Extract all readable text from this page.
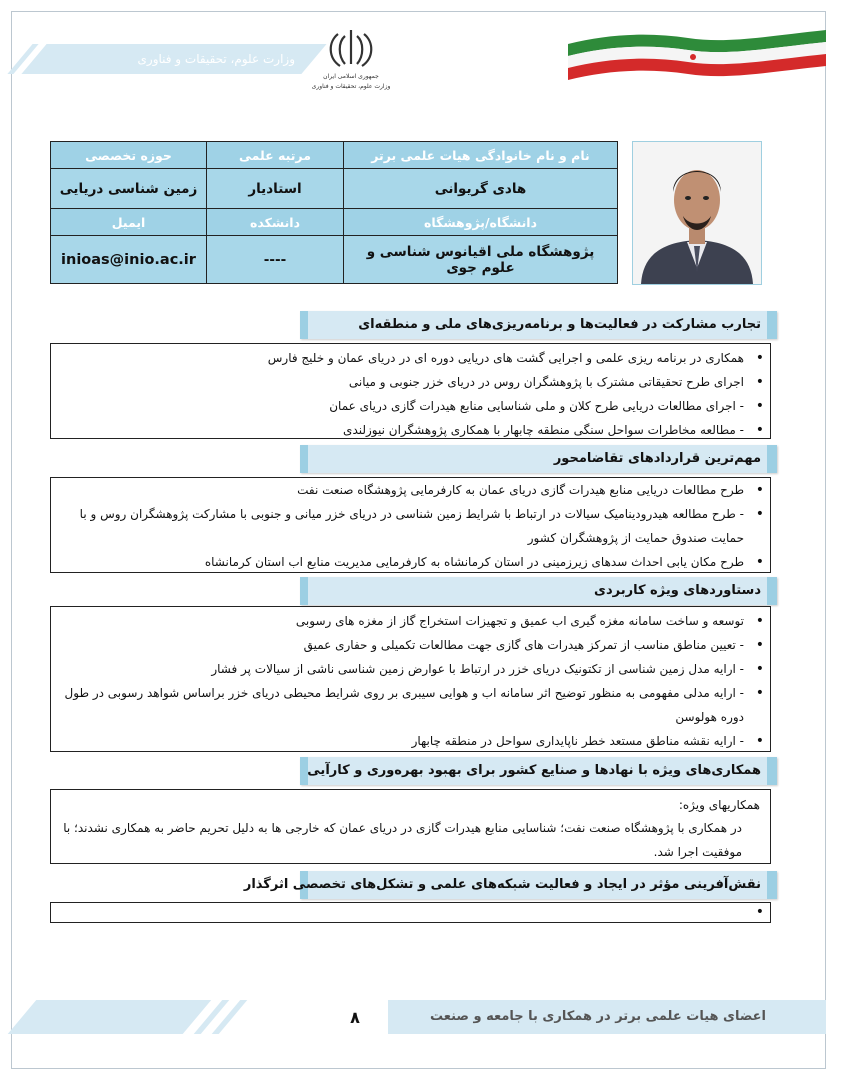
وزارت علوم، تحقیقات و فناوری
جمهوری اسلامی ایران
وزارت علوم، تحقیقات و فناوری
نام و نام خانوادگی هیات علمی برتر	مرتبه علمی	حوزه تخصصی
هادی گریوانی	استادیار	زمین شناسی دریایی
دانشگاه/پژوهشگاه	دانشکده	ایمیل
پژوهشگاه ملی اقیانوس شناسی و علوم جوی	----	inioas@inio.ac.ir
تجارب مشارکت در فعالیت‌ها و برنامه‌ریزی‌های ملی و منطقه‌ای
• همکاری در برنامه ریزی علمی و اجرایی گشت های دریایی دوره ای در دریای عمان و خلیج فارس
• اجرای طرح تحقیقاتی مشترک با پژوهشگران روس در دریای خزر جنوبی و میانی
• - اجرای مطالعات دریایی طرح کلان و ملی شناسایی منابع هیدرات گازی دریای عمان
• - مطالعه مخاطرات سواحل سنگی منطقه چابهار با همکاری پژوهشگران نیوزلندی
مهم‌ترین قراردادهای تقاضامحور
• طرح مطالعات دریایی منابع هیدرات گازی دریای عمان به کارفرمایی پژوهشگاه صنعت نفت
• - طرح مطالعه هیدرودینامیک سیالات در ارتباط با شرایط زمین شناسی در دریای خزر میانی و جنوبی با مشارکت پژوهشگران روس و با حمایت صندوق حمایت از پژوهشگران کشور
• طرح مکان یابی احداث سدهای زیرزمینی در استان کرمانشاه به کارفرمایی مدیریت منابع اب استان کرمانشاه
دستاوردهای ویژه کاربردی
• توسعه و ساخت سامانه مغزه گیری اب عمیق و تجهیزات استخراج گاز از مغزه های رسوبی
• - تعیین مناطق مناسب از تمرکز هیدرات های گازی جهت مطالعات تکمیلی و حفاری عمیق
• - ارایه مدل زمین شناسی از تکتونیک دریای خزر در ارتباط با عوارض زمین شناسی ناشی از سیالات پر فشار
• - ارایه مدلی مفهومی به منظور توضیح اثر سامانه اب و هوایی سیبری بر روی شرایط محیطی دریای خزر براساس شواهد رسوبی در طول دوره هولوسن
• - ارایه نقشه مناطق مستعد خطر ناپایداری سواحل در منطقه چابهار
همکاری‌های ویژه با نهادها و صنایع کشور برای بهبود بهره‌وری و کارآیی

همکاریهای ویژه:

در همکاری با پژوهشگاه صنعت نفت؛ شناسایی منابع هیدرات گازی در دریای عمان که خارجی ها به دلیل تحریم حاضر به همکاری نشدند؛ با موفقیت اجرا شد.

نقش‌آفرینی مؤثر در ایجاد و فعالیت شبکه‌های علمی و تشکل‌های تخصصی اثرگذار
•
۸	اعضای هیات علمی برتر در همکاری با جامعه و صنعت
